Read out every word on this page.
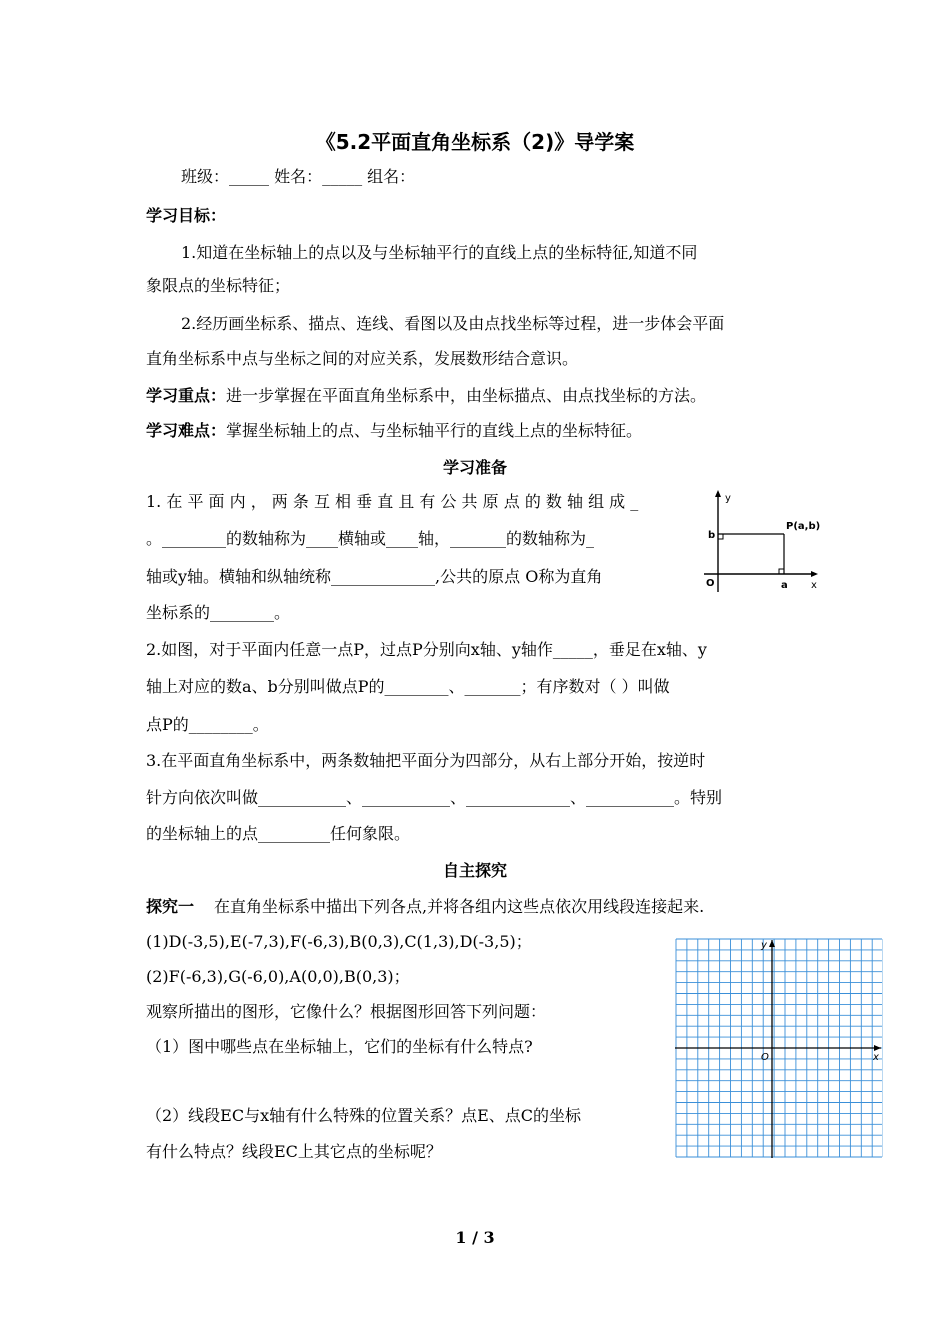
《5.2平面直角坐标系（2)》导学案
班级：_____ 姓名：_____ 组名：
学习目标：
1.知道在坐标轴上的点以及与坐标轴平行的直线上点的坐标特征,知道不同
象限点的坐标特征；
2.经历画坐标系、描点、连线、看图以及由点找坐标等过程，进一步体会平面
直角坐标系中点与坐标之间的对应关系，发展数形结合意识。
学习重点：进一步掌握在平面直角坐标系中，由坐标描点、由点找坐标的方法。
学习难点：掌握坐标轴上的点、与坐标轴平行的直线上点的坐标特征。
学习准备
1. 在 平 面 内 ， 两 条 互 相 垂 直 且 有 公 共 原 点 的 数 轴 组 成 _
。________的数轴称为____横轴或____轴，_______的数轴称为_
轴或y轴。横轴和纵轴统称_____________,公共的原点 O称为直角
坐标系的________。
y
x
O
P(a,b)
a
b
2.如图，对于平面内任意一点P，过点P分别向x轴、y轴作_____，垂足在x轴、y
轴上对应的数a、b分别叫做点P的________、_______；有序数对（ ）叫做
点P的________。
3.在平面直角坐标系中，两条数轴把平面分为四部分，从右上部分开始，按逆时
针方向依次叫做___________、___________、_____________、___________。特别
的坐标轴上的点_________任何象限。
自主探究
探究一 在直角坐标系中描出下列各点,并将各组内这些点依次用线段连接起来.
(1)D(-3,5),E(-7,3),F(-6,3),B(0,3),C(1,3),D(-3,5)；
(2)F(-6,3),G(-6,0),A(0,0),B(0,3)；
观察所描出的图形，它像什么？根据图形回答下列问题：
（1）图中哪些点在坐标轴上，它们的坐标有什么特点?
（2）线段EC与x轴有什么特殊的位置关系？点E、点C的坐标
有什么特点？线段EC上其它点的坐标呢？
x
y
O
1 / 3
